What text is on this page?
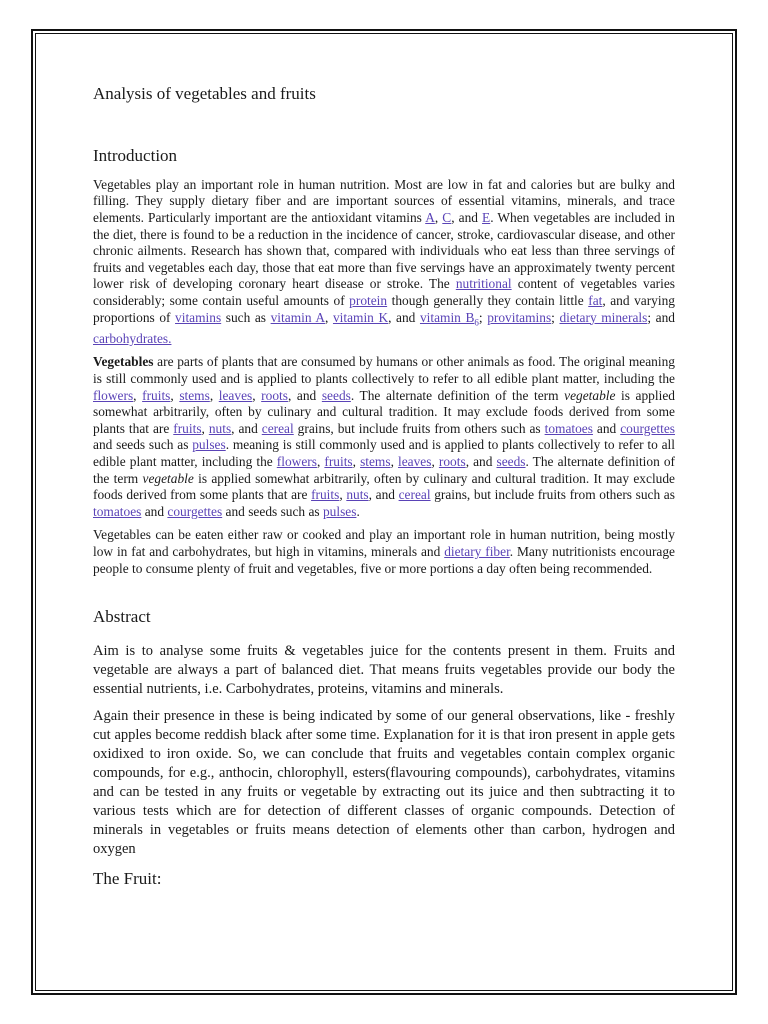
Analysis of vegetables and fruits
Introduction

Vegetables play an important role in human nutrition. Most are low in fat and calories but are bulky and filling. They supply dietary fiber and are important sources of essential vitamins, minerals, and trace elements. Particularly important are the antioxidant vitamins A, C, and E. When vegetables are included in the diet, there is found to be a reduction in the incidence of cancer, stroke, cardiovascular disease, and other chronic ailments. Research has shown that, compared with individuals who eat less than three servings of fruits and vegetables each day, those that eat more than five servings have an approximately twenty percent lower risk of developing coronary heart disease or stroke. The nutritional content of vegetables varies considerably; some contain useful amounts of protein though generally they contain little fat, and varying proportions of vitamins such as vitamin A, vitamin K, and vitamin $B_6$; provitamins; dietary minerals; and carbohydrates.

Vegetables are parts of plants that are consumed by humans or other animals as food. The original meaning is still commonly used and is applied to plants collectively to refer to all edible plant matter, including the flowers, fruits, stems, leaves, roots, and seeds. The alternate definition of the term vegetable is applied somewhat arbitrarily, often by culinary and cultural tradition. It may exclude foods derived from some plants that are fruits, nuts, and cereal grains, but include fruits from others such as tomatoes and courgettes and seeds such as pulses. meaning is still commonly used and is applied to plants collectively to refer to all edible plant matter, including the flowers, fruits, stems, leaves, roots, and seeds. The alternate definition of the term vegetable is applied somewhat arbitrarily, often by culinary and cultural tradition. It may exclude foods derived from some plants that are fruits, nuts, and cereal grains, but include fruits from others such as tomatoes and courgettes and seeds such as pulses.

Vegetables can be eaten either raw or cooked and play an important role in human nutrition, being mostly low in fat and carbohydrates, but high in vitamins, minerals and dietary fiber. Many nutritionists encourage people to consume plenty of fruit and vegetables, five or more portions a day often being recommended.

Abstract

Aim is to analyse some fruits & vegetables juice for the contents present in them. Fruits and vegetable are always a part of balanced diet. That means fruits vegetables provide our body the essential nutrients, i.e. Carbohydrates, proteins, vitamins and minerals.

Again their presence in these is being indicated by some of our general observations, like - freshly cut apples become reddish black after some time. Explanation for it is that iron present in apple gets oxidixed to iron oxide. So, we can conclude that fruits and vegetables contain complex organic compounds, for e.g., anthocin, chlorophyll, esters(flavouring compounds), carbohydrates, vitamins and can be tested in any fruits or vegetable by extracting out its juice and then subtracting it to various tests which are for detection of different classes of organic compounds. Detection of minerals in vegetables or fruits means detection of elements other than carbon, hydrogen and oxygen

The Fruit:
